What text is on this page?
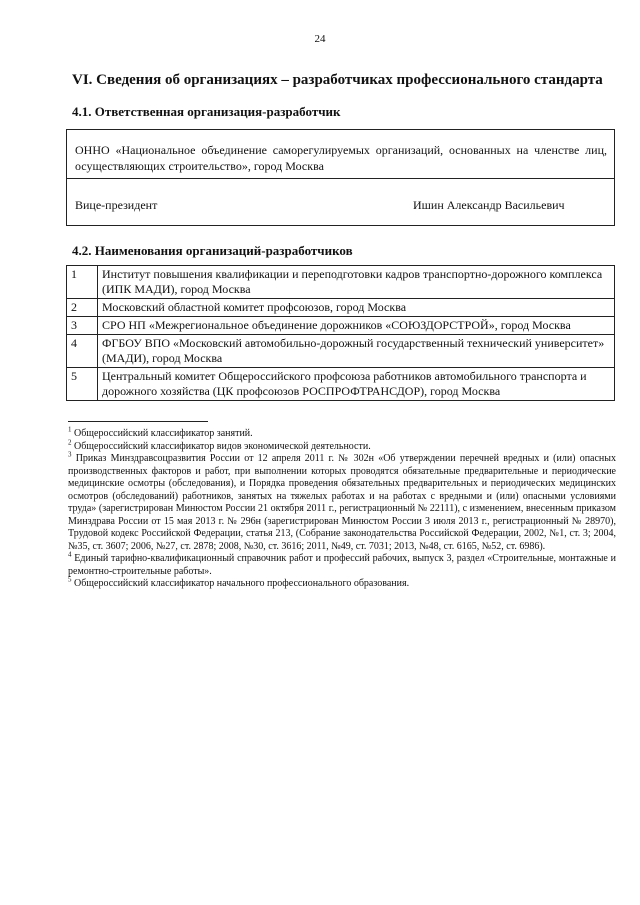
24
VI. Сведения об организациях – разработчиках профессионального стандарта
4.1. Ответственная организация-разработчик
ОННО «Национальное объединение саморегулируемых организаций, основанных на членстве лиц, осуществляющих строительство», город Москва
Вице-президент	Ишин Александр Васильевич
4.2. Наименования организаций-разработчиков
1	Институт повышения квалификации и переподготовки кадров транспортно-дорожного комплекса (ИПК МАДИ), город Москва
2	Московский областной комитет профсоюзов, город Москва
3	СРО НП «Межрегиональное объединение дорожников «СОЮЗДОРСТРОЙ», город Москва
4	ФГБОУ ВПО «Московский автомобильно-дорожный государственный технический университет» (МАДИ), город Москва
5	Центральный комитет Общероссийского профсоюза работников автомобильного транспорта и дорожного хозяйства (ЦК профсоюзов РОСПРОФТРАНСДОР), город Москва

$^1$ Общероссийский классификатор занятий.

$^2$ Общероссийский классификатор видов экономической деятельности.

$^3$ Приказ Минздравсоцразвития России от 12 апреля 2011 г. № 302н «Об утверждении перечней вредных и (или) опасных производственных факторов и работ, при выполнении которых проводятся обязательные предварительные и периодические медицинские осмотры (обследования), и Порядка проведения обязательных предварительных и периодических медицинских осмотров (обследований) работников, занятых на тяжелых работах и на работах с вредными и (или) опасными условиями труда» (зарегистрирован Минюстом России 21 октября 2011 г., регистрационный № 22111), с изменением, внесенным приказом Минздрава России от 15 мая 2013 г. № 296н (зарегистрирован Минюстом России 3 июля 2013 г., регистрационный № 28970), Трудовой кодекс Российской Федерации, статья 213, (Собрание законодательства Российской Федерации, 2002, №1, ст. 3; 2004, №35, ст. 3607; 2006, №27, ст. 2878; 2008, №30, ст. 3616; 2011, №49, ст. 7031; 2013, №48, ст. 6165, №52, ст. 6986).

$^4$ Единый тарифно-квалификационный справочник работ и профессий рабочих, выпуск 3, раздел «Строительные, монтажные и ремонтно-строительные работы».

$^5$ Общероссийский классификатор начального профессионального образования.
